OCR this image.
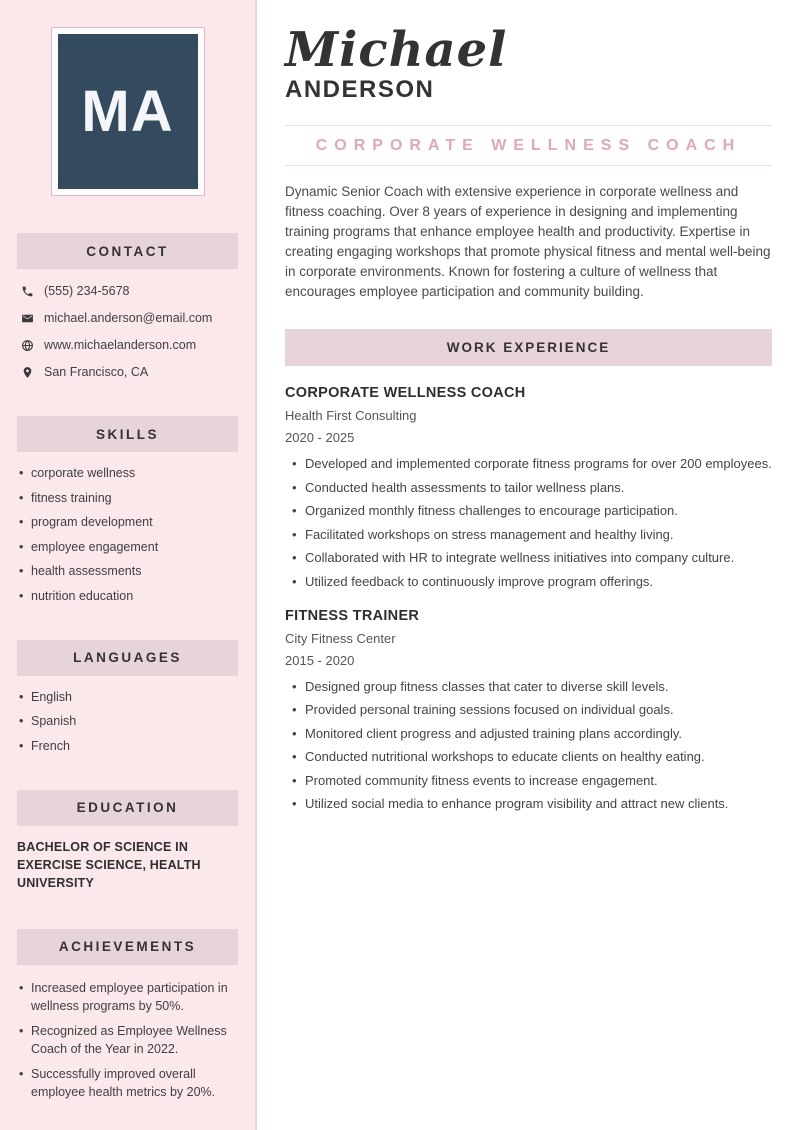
MA
CONTACT
(555) 234-5678
michael.anderson@email.com
www.michaelanderson.com
San Francisco, CA
SKILLS
• corporate wellness
• fitness training
• program development
• employee engagement
• health assessments
• nutrition education
LANGUAGES
• English
• Spanish
• French
EDUCATION
BACHELOR OF SCIENCE IN EXERCISE SCIENCE, HEALTH UNIVERSITY
ACHIEVEMENTS
• Increased employee participation in wellness programs by 50%.
• Recognized as Employee Wellness Coach of the Year in 2022.
• Successfully improved overall employee health metrics by 20%.
Michael
ANDERSON
CORPORATE WELLNESS COACH

Dynamic Senior Coach with extensive experience in corporate wellness and fitness coaching. Over 8 years of experience in designing and implementing training programs that enhance employee health and productivity. Expertise in creating engaging workshops that promote physical fitness and mental well-being in corporate environments. Known for fostering a culture of wellness that encourages employee participation and community building.

WORK EXPERIENCE
CORPORATE WELLNESS COACH
Health First Consulting
2020 - 2025
• Developed and implemented corporate fitness programs for over 200 employees.
• Conducted health assessments to tailor wellness plans.
• Organized monthly fitness challenges to encourage participation.
• Facilitated workshops on stress management and healthy living.
• Collaborated with HR to integrate wellness initiatives into company culture.
• Utilized feedback to continuously improve program offerings.
FITNESS TRAINER
City Fitness Center
2015 - 2020
• Designed group fitness classes that cater to diverse skill levels.
• Provided personal training sessions focused on individual goals.
• Monitored client progress and adjusted training plans accordingly.
• Conducted nutritional workshops to educate clients on healthy eating.
• Promoted community fitness events to increase engagement.
• Utilized social media to enhance program visibility and attract new clients.
